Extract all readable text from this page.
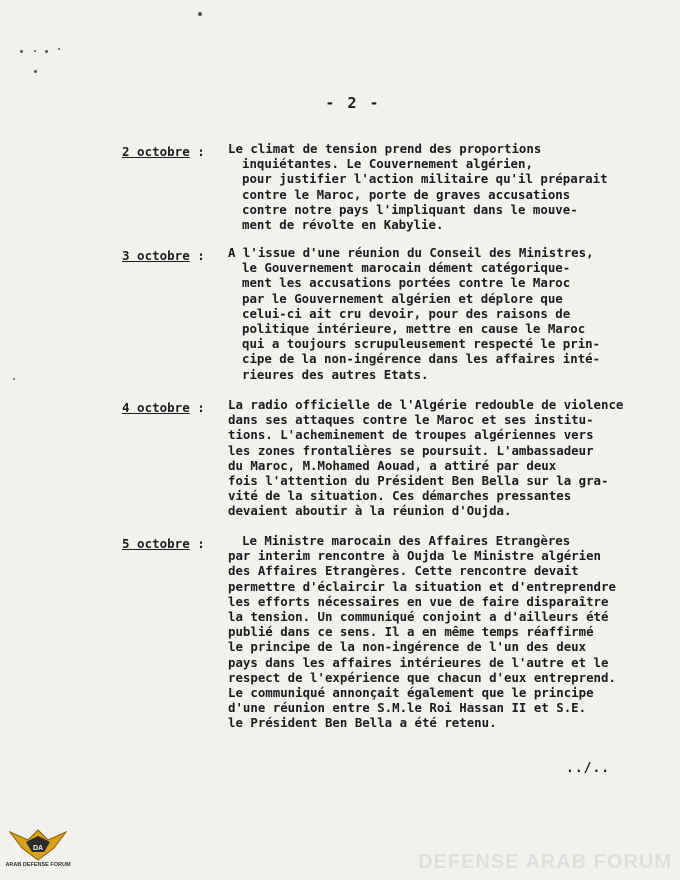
- 2 -
2 octobre : Le climat de tension prend des proportions
inquiétantes. Le Couvernement algérien,
pour justifier l'action militaire qu'il préparait
contre le Maroc, porte de graves accusations
contre notre pays l'impliquant dans le mouve-
ment de révolte en Kabylie.
3 octobre : A l'issue d'une réunion du Conseil des Ministres,
le Gouvernement marocain dément catégorique-
ment les accusations portées contre le Maroc
par le Gouvernement algérien et déplore que
celui-ci ait cru devoir, pour des raisons de
politique intérieure, mettre en cause le Maroc
qui a toujours scrupuleusement respecté le prin-
cipe de la non-ingérence dans les affaires inté-
rieures des autres Etats.
4 octobre : La radio officielle de l'Algérie redouble de violence
dans ses attaques contre le Maroc et ses institu-
tions. L'acheminement de troupes algériennes vers
les zones frontalières se poursuit. L'ambassadeur
du Maroc, M.Mohamed Aouad, a attiré par deux
fois l'attention du Président Ben Bella sur la gra-
vité de la situation. Ces démarches pressantes
devaient aboutir à la réunion d'Oujda.
5 octobre :	Le Ministre marocain des Affaires Etrangères
par interim rencontre à Oujda le Ministre algérien
des Affaires Etrangères. Cette rencontre devait
permettre d'éclaircir la situation et d'entreprendre
les efforts nécessaires en vue de faire disparaître
la tension. Un communiqué conjoint a d'ailleurs été
publié dans ce sens. Il a en même temps réaffirmé
le principe de la non-ingérence de l'un des deux
pays dans les affaires intérieures de l'autre et le
respect de l'expérience que chacun d'eux entreprend.
Le communiqué annonçait également que le principe
d'une réunion entre S.M.le Roi Hassan II et S.E.
le Président Ben Bella a été retenu.
../..
DA
ARAB DEFENSE FORUM	DEFENSE ARAB FORUM
